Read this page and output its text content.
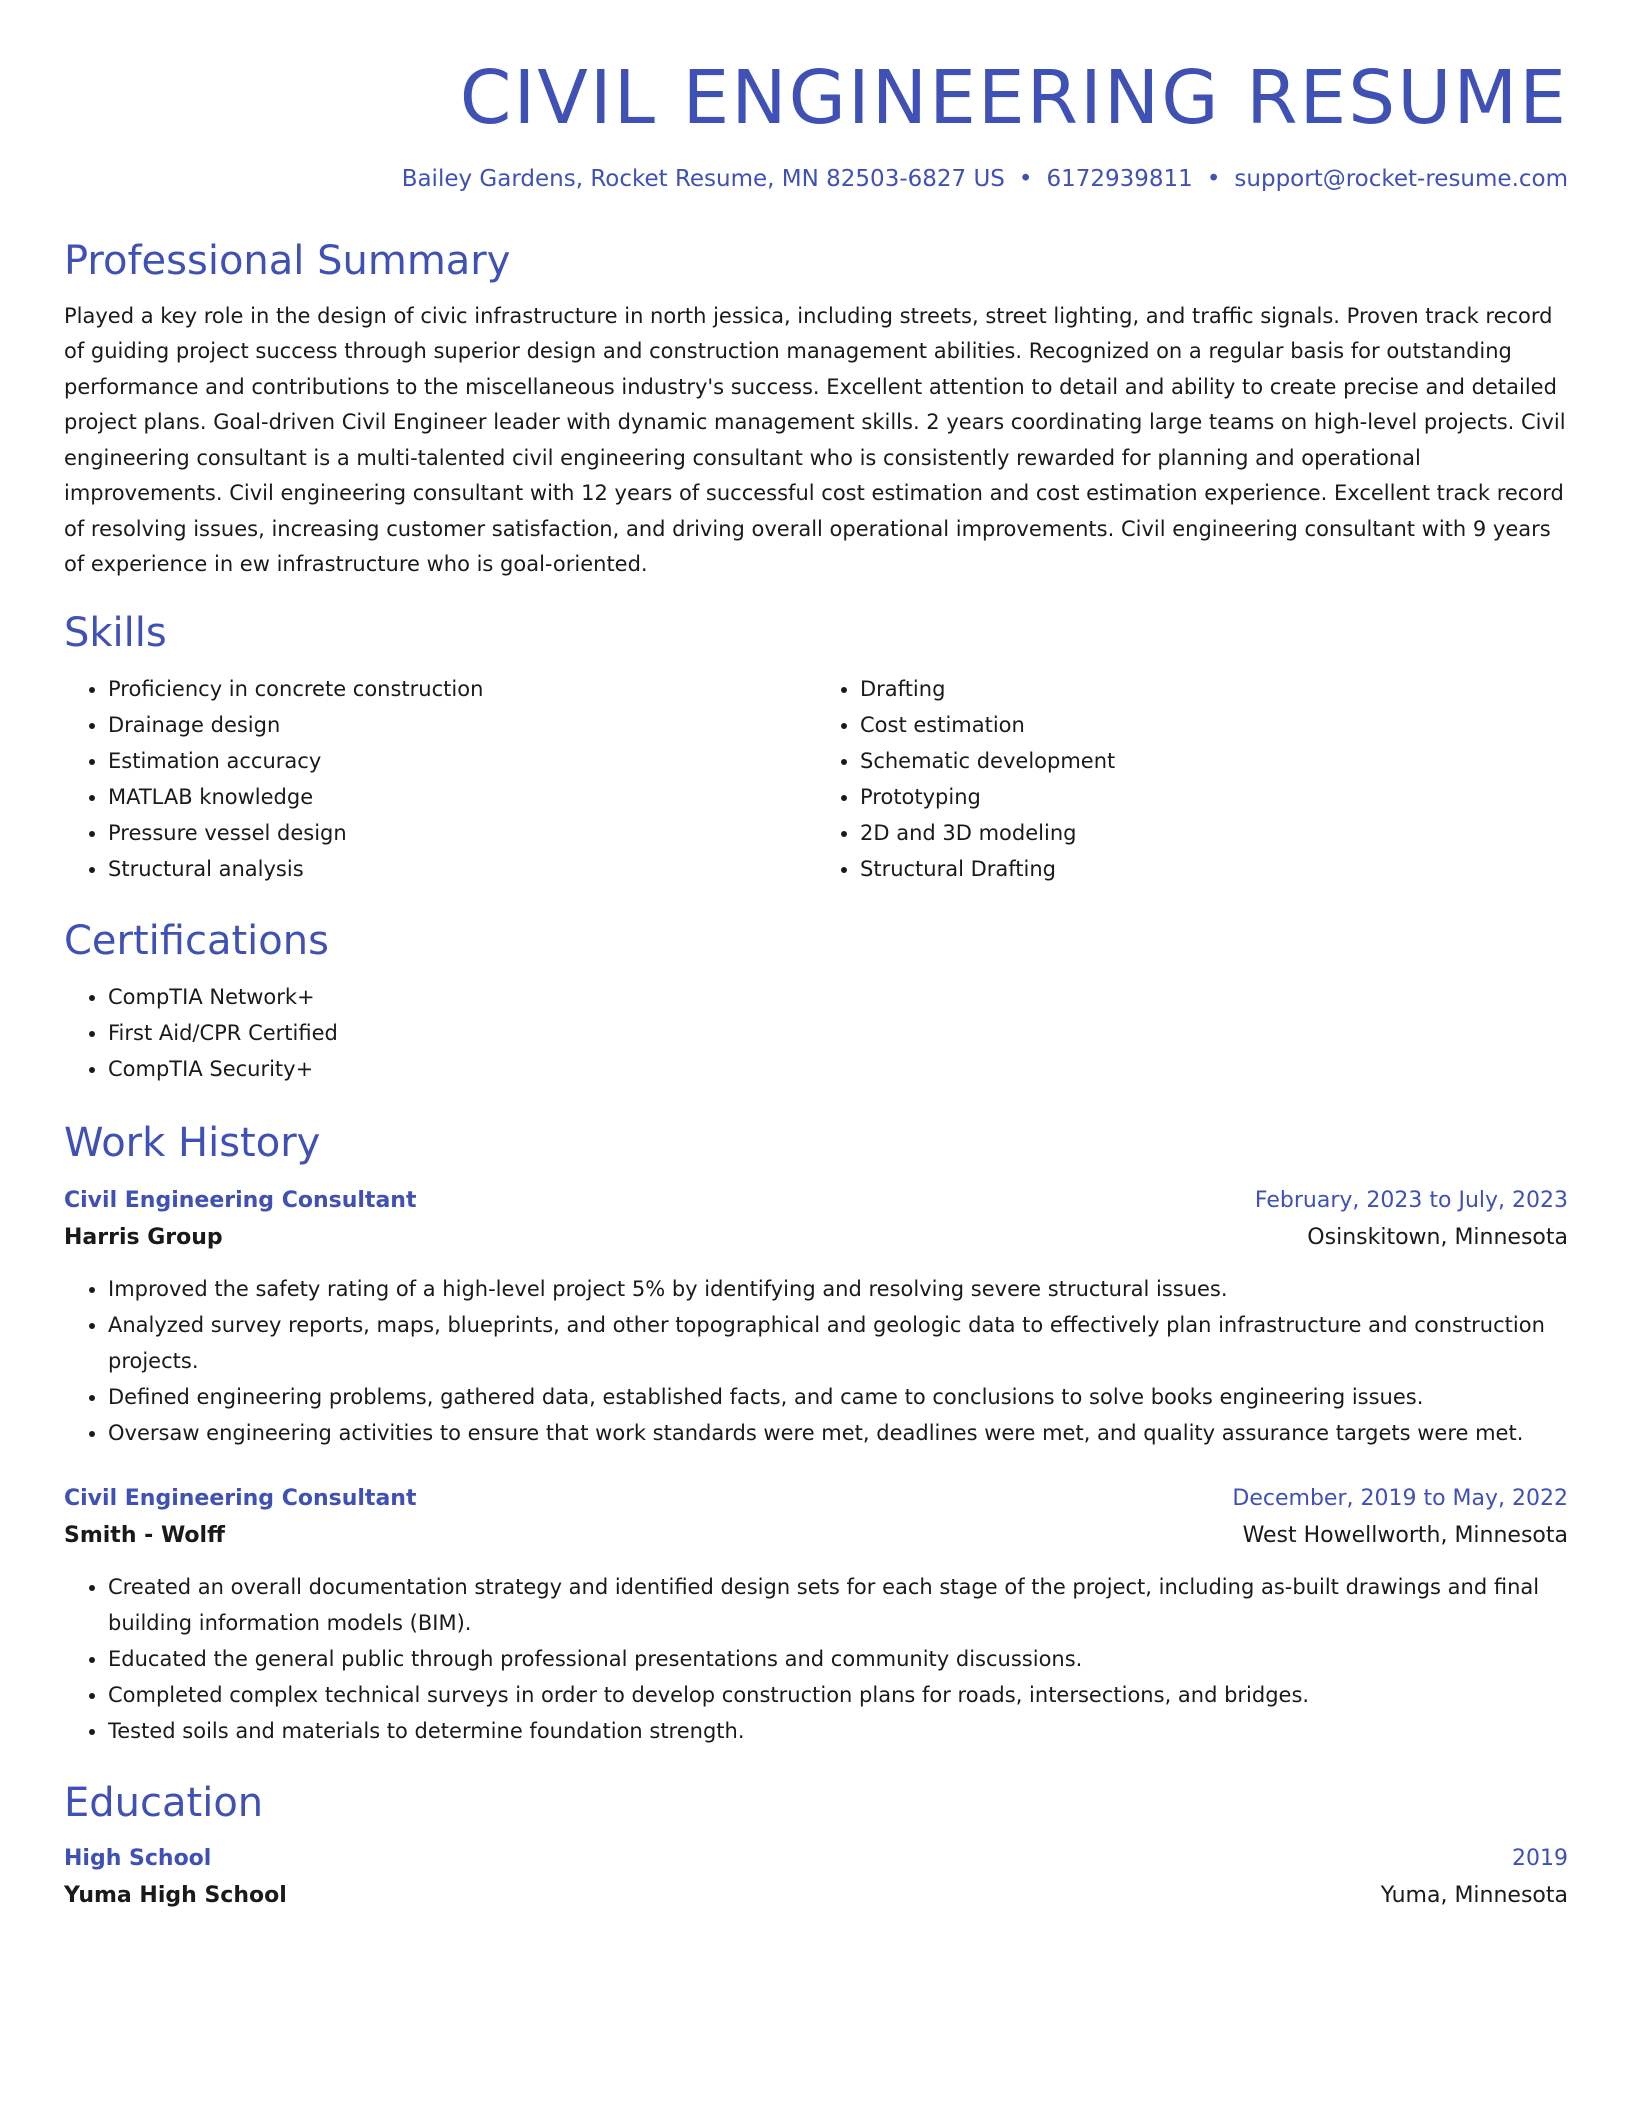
CIVIL ENGINEERING RESUME
Bailey Gardens, Rocket Resume, MN 82503-6827 US • 6172939811 • support@rocket-resume.com
Professional Summary

Played a key role in the design of civic infrastructure in north jessica, including streets, street lighting, and traffic signals. Proven track record of guiding project success through superior design and construction management abilities. Recognized on a regular basis for outstanding performance and contributions to the miscellaneous industry's success. Excellent attention to detail and ability to create precise and detailed project plans. Goal-driven Civil Engineer leader with dynamic management skills. 2 years coordinating large teams on high-level projects. Civil engineering consultant is a multi-talented civil engineering consultant who is consistently rewarded for planning and operational improvements. Civil engineering consultant with 12 years of successful cost estimation and cost estimation experience. Excellent track record of resolving issues, increasing customer satisfaction, and driving overall operational improvements. Civil engineering consultant with 9 years of experience in ew infrastructure who is goal-oriented.

Skills
• Proficiency in concrete construction
• Drainage design
• Estimation accuracy
• MATLAB knowledge
• Pressure vessel design
• Structural analysis
• Drafting
• Cost estimation
• Schematic development
• Prototyping
• 2D and 3D modeling
• Structural Drafting
Certifications
• CompTIA Network+
• First Aid/CPR Certified
• CompTIA Security+
Work History
Civil Engineering Consultant	February, 2023 to July, 2023
Harris Group	Osinskitown, Minnesota
• Improved the safety rating of a high-level project 5% by identifying and resolving severe structural issues.
• Analyzed survey reports, maps, blueprints, and other topographical and geologic data to effectively plan infrastructure and construction projects.
• Defined engineering problems, gathered data, established facts, and came to conclusions to solve books engineering issues.
• Oversaw engineering activities to ensure that work standards were met, deadlines were met, and quality assurance targets were met.
Civil Engineering Consultant	December, 2019 to May, 2022
Smith - Wolff	West Howellworth, Minnesota
• Created an overall documentation strategy and identified design sets for each stage of the project, including as-built drawings and final building information models (BIM).
• Educated the general public through professional presentations and community discussions.
• Completed complex technical surveys in order to develop construction plans for roads, intersections, and bridges.
• Tested soils and materials to determine foundation strength.
Education
High School	2019
Yuma High School	Yuma, Minnesota
